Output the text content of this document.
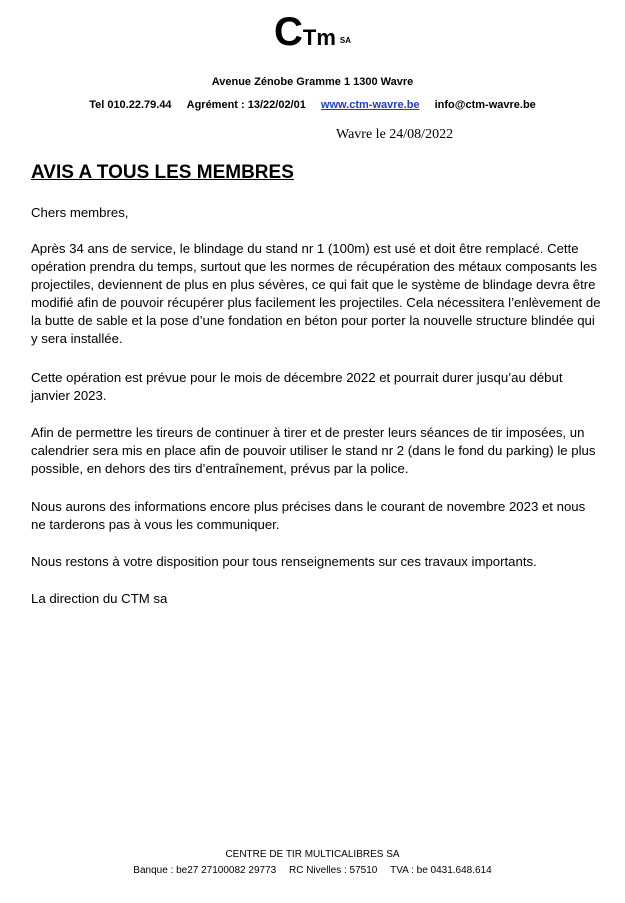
CTm SA
Avenue Zénobe Gramme 1 1300 Wavre
Tel 010.22.79.44 Agrément : 13/22/02/01 www.ctm-wavre.be info@ctm-wavre.be
Wavre le 24/08/2022
AVIS A TOUS LES MEMBRES

Chers membres,

Après 34 ans de service, le blindage du stand nr 1 (100m) est usé et doit être remplacé. Cette opération prendra du temps, surtout que les normes de récupération des métaux composants les projectiles, deviennent de plus en plus sévères, ce qui fait que le système de blindage devra être modifié afin de pouvoir récupérer plus facilement les projectiles. Cela nécessitera l’enlèvement de la butte de sable et la pose d’une fondation en béton pour porter la nouvelle structure blindée qui y sera installée.

Cette opération est prévue pour le mois de décembre 2022 et pourrait durer jusqu’au début janvier 2023.

Afin de permettre les tireurs de continuer à tirer et de prester leurs séances de tir imposées, un calendrier sera mis en place afin de pouvoir utiliser le stand nr 2 (dans le fond du parking) le plus possible, en dehors des tirs d’entraînement, prévus par la police.

Nous aurons des informations encore plus précises dans le courant de novembre 2023 et nous ne tarderons pas à vous les communiquer.

Nous restons à votre disposition pour tous renseignements sur ces travaux importants.

La direction du CTM sa

CENTRE DE TIR MULTICALIBRES SA
Banque : be27 27100082 29773 RC Nivelles : 57510 TVA : be 0431.648.614
